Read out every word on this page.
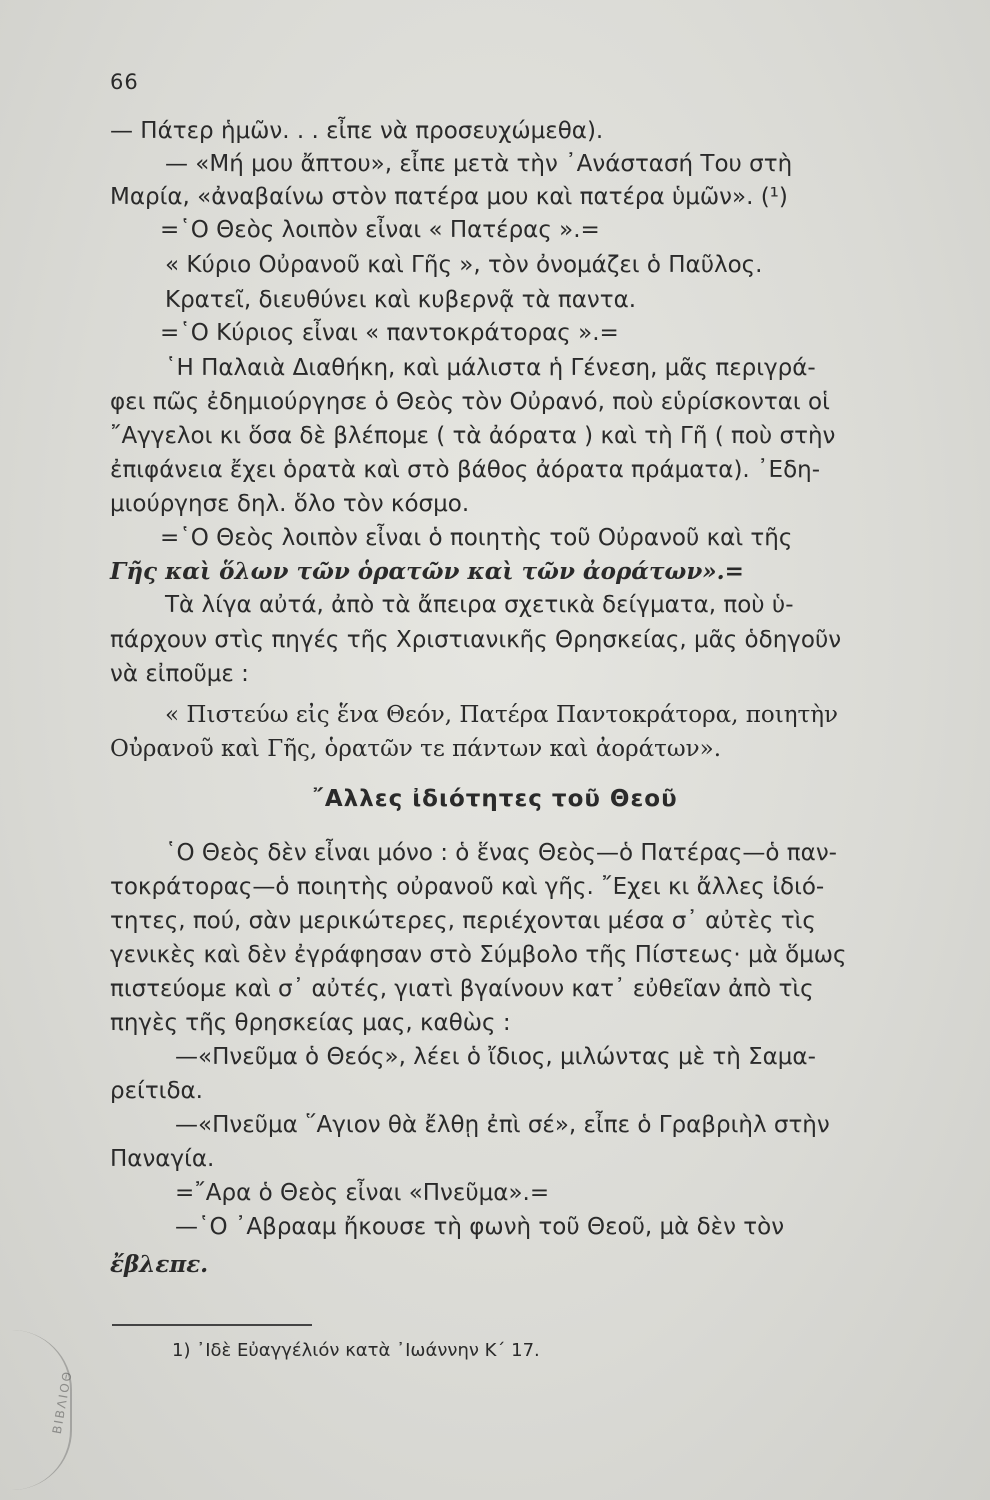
66
— Πάτερ ἡμῶν. . . εἶπε νὰ προσευχώμεθα).
— «Μή μου ἄπτου», εἶπε μετὰ τὴν ᾿Ανάστασή Του στὴ
Μαρία, «ἀναβαίνω στὸν πατέρα μου καὶ πατέρα ὑμῶν». (¹)
=῾Ο Θεὸς λοιπὸν εἶναι « Πατέρας ».=
« Κύριο Οὐρανοῦ καὶ Γῆς », τὸν ὀνομάζει ὁ Παῦλος.
Κρατεῖ, διευθύνει καὶ κυβερνᾷ τὰ παντα.
=῾Ο Κύριος εἶναι « παντοκράτορας ».=
῾Η Παλαιὰ Διαθήκη, καὶ μάλιστα ἡ Γένεση, μᾶς περιγρά-
φει πῶς ἐδημιούργησε ὁ Θεὸς τὸν Οὐρανό, ποὺ εὑρίσκονται οἱ
῎Αγγελοι κι ὅσα δὲ βλέπομε ( τὰ ἀόρατα ) καὶ τὴ Γῆ ( ποὺ στὴν
ἐπιφάνεια ἔχει ὁρατὰ καὶ στὸ βάθος ἀόρατα πράματα). ᾿Εδη-
μιούργησε δηλ. ὅλο τὸν κόσμο.
=῾Ο Θεὸς λοιπὸν εἶναι ὁ ποιητὴς τοῦ Οὐρανοῦ καὶ τῆς
Γῆς καὶ ὅλων τῶν ὁρατῶν καὶ τῶν ἀοράτων».=
Τὰ λίγα αὐτά, ἀπὸ τὰ ἄπειρα σχετικὰ δείγματα, ποὺ ὑ-
πάρχουν στὶς πηγές τῆς Χριστιανικῆς Θρησκείας, μᾶς ὁδηγοῦν
νὰ εἰποῦμε :
« Πιστεύω εἰς ἕνα Θεόν, Πατέρα Παντοκράτορα, ποιητὴν
Οὐρανοῦ καὶ Γῆς, ὁρατῶν τε πάντων καὶ ἀοράτων».
῎Αλλες ἰδιότητες τοῦ Θεοῦ
῾Ο Θεὸς δὲν εἶναι μόνο : ὁ ἕνας Θεὸς—ὁ Πατέρας—ὁ παν-
τοκράτορας—ὁ ποιητὴς οὐρανοῦ καὶ γῆς. ῎Εχει κι ἄλλες ἰδιό-
τητες, πού, σὰν μερικώτερες, περιέχονται μέσα σ᾿ αὐτὲς τὶς
γενικὲς καὶ δὲν ἐγράφησαν στὸ Σύμβολο τῆς Πίστεως· μὰ ὅμως
πιστεύομε καὶ σ᾿ αὐτές, γιατὶ βγαίνουν κατ᾿ εὐθεῖαν ἀπὸ τὶς
πηγὲς τῆς θρησκείας μας, καθὼς :
—«Πνεῦμα ὁ Θεός», λέει ὁ ἴδιος, μιλώντας μὲ τὴ Σαμα-
ρείτιδα.
—«Πνεῦμα ῞Αγιον θὰ ἔλθῃ ἐπὶ σέ», εἶπε ὁ Γραβριὴλ στὴν
Παναγία.
=῎Αρα ὁ Θεὸς εἶναι «Πνεῦμα».=
—῾Ο ᾿Αβρααμ ἤκουσε τὴ φωνὴ τοῦ Θεοῦ, μὰ δὲν τὸν
ἔβλεπε.
1) ᾿Ιδὲ Εὐαγγέλιόν κατὰ ᾿Ιωάννην Κ΄ 17.
ΒΙΒΛΙΟΘ
